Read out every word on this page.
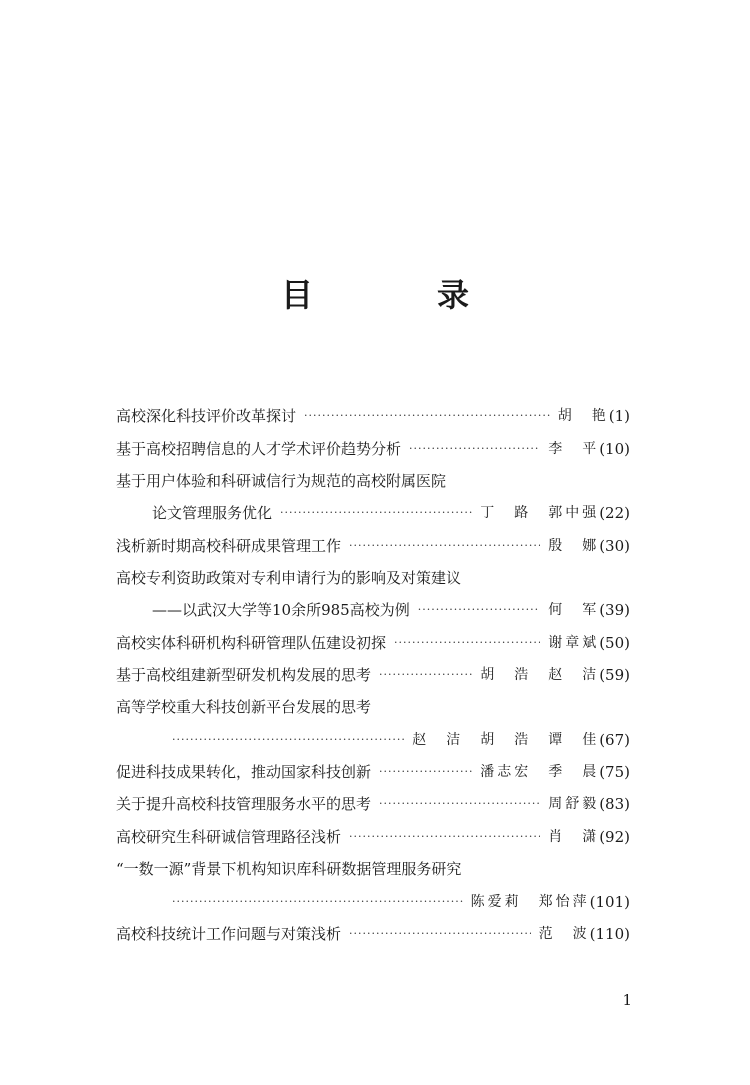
目　录
高校深化科技评价改革探讨 ·····	胡　艳 (1)
基于高校招聘信息的人才学术评价趋势分析 ·····	李　平 (10)
基于用户体验和科研诚信行为规范的高校附属医院
论文管理服务优化 ·····	丁　路　郭中强 (22)
浅析新时期高校科研成果管理工作 ·····	殷　娜 (30)
高校专利资助政策对专利申请行为的影响及对策建议
——以武汉大学等10余所985高校为例 ·····	何　军 (39)
高校实体科研机构科研管理队伍建设初探 ·····	谢章斌 (50)
基于高校组建新型研发机构发展的思考 ·····	胡　浩　赵　洁 (59)
高等学校重大科技创新平台发展的思考
·····
赵　洁　胡　浩　谭　佳 (67)
促进科技成果转化，推动国家科技创新 ·····	潘志宏　季　晨 (75)
关于提升高校科技管理服务水平的思考 ·····	周舒毅 (83)
高校研究生科研诚信管理路径浅析 ·····	肖　潇 (92)
“一数一源”背景下机构知识库科研数据管理服务研究
·····
陈爱莉　郑怡萍 (101)
高校科技统计工作问题与对策浅析 ·····	范　波 (110)
1
